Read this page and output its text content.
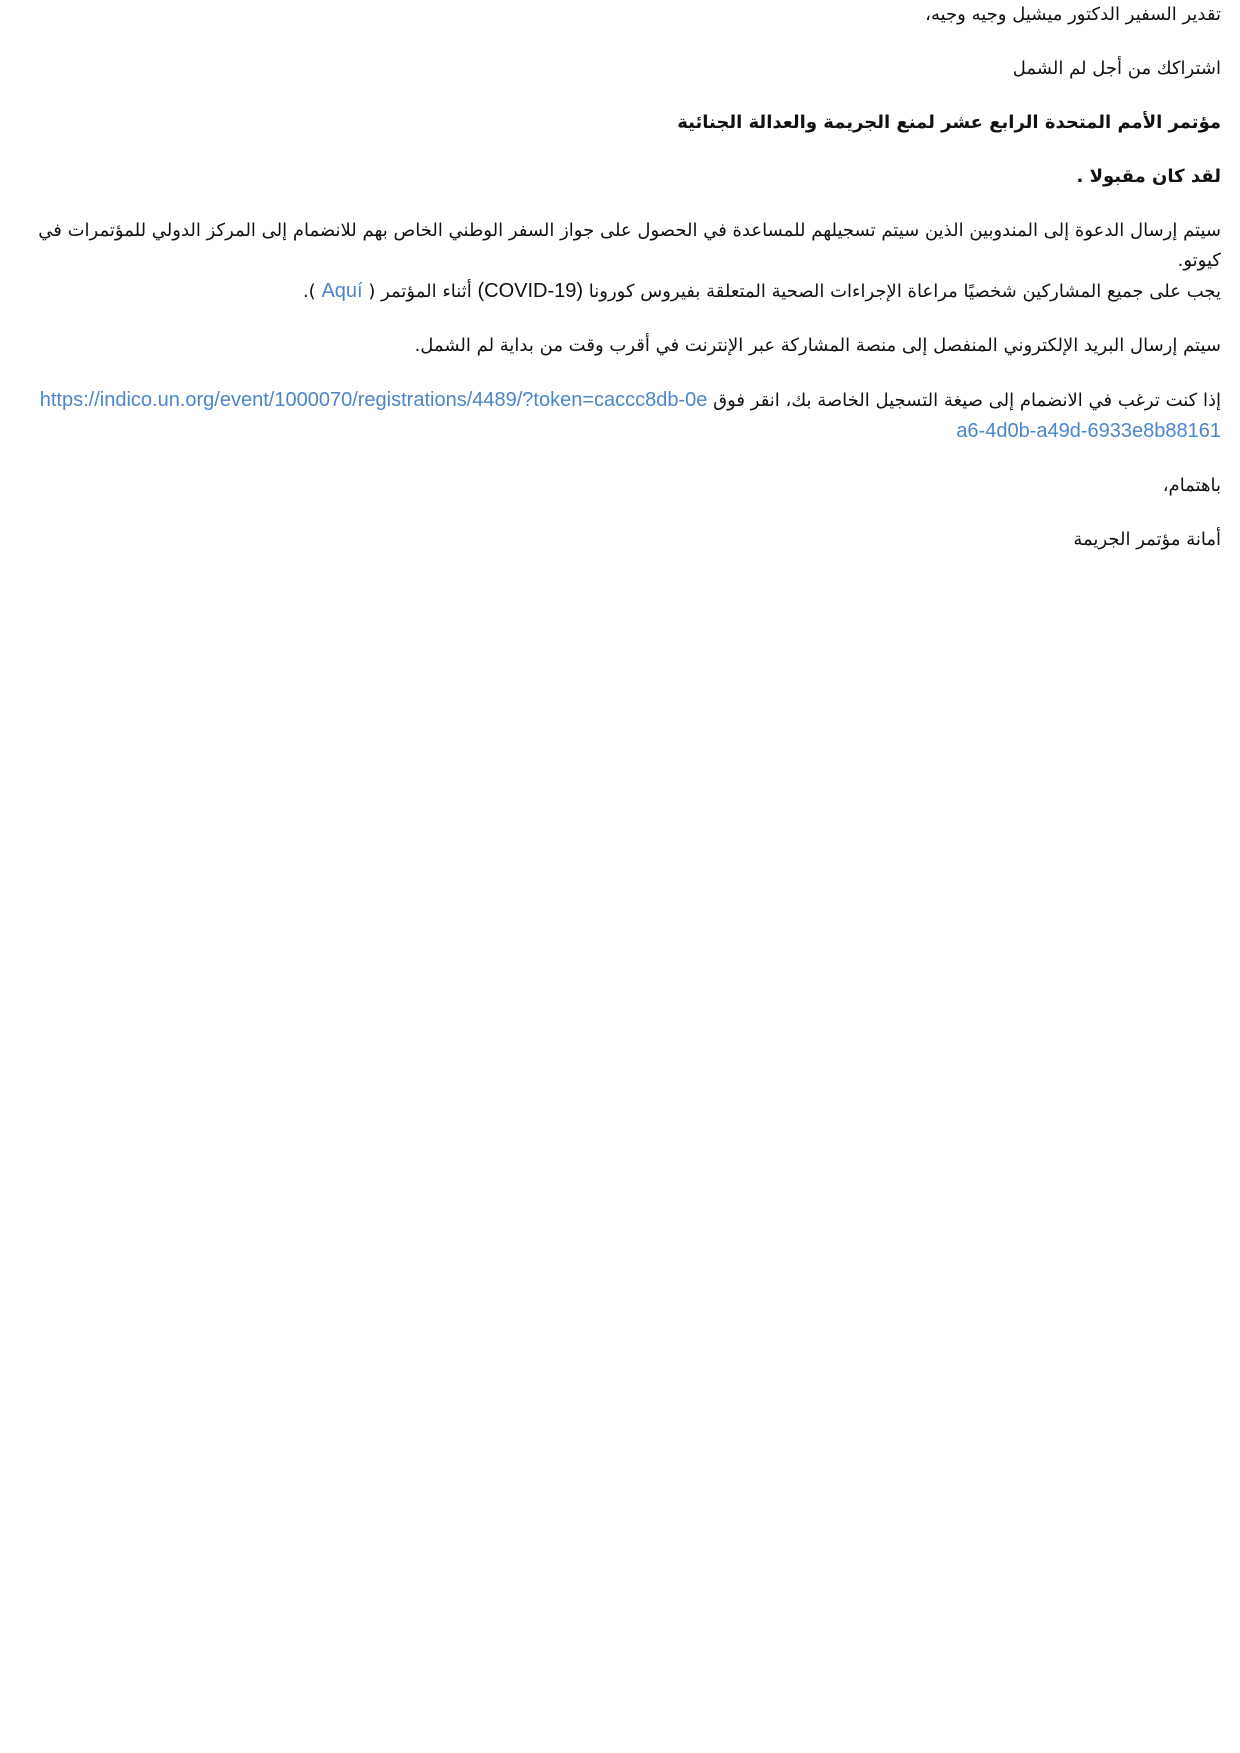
تقدير السفير الدكتور ميشيل وجيه وجيه،

اشتراكك من أجل لم الشمل

مؤتمر الأمم المتحدة الرابع عشر لمنع الجريمة والعدالة الجنائية

لقد كان مقبولا .

سيتم إرسال الدعوة إلى المندوبين الذين سيتم تسجيلهم للمساعدة في الحصول على جواز السفر الوطني الخاص بهم للانضمام إلى المركز الدولي للمؤتمرات في كيوتو.

يجب على جميع المشاركين شخصيًا مراعاة الإجراءات الصحية المتعلقة بفيروس كورونا (COVID-19) أثناء المؤتمر ( Aquí ).

سيتم إرسال البريد الإلكتروني المنفصل إلى منصة المشاركة عبر الإنترنت في أقرب وقت من بداية لم الشمل.

إذا كنت ترغب في الانضمام إلى صيغة التسجيل الخاصة بك، انقر فوق https://indico.un.org/event/1000070/registrations/4489/?token=caccc8db-0ea6-4d0b-a49d-6933e8b88161

باهتمام،

أمانة مؤتمر الجريمة
